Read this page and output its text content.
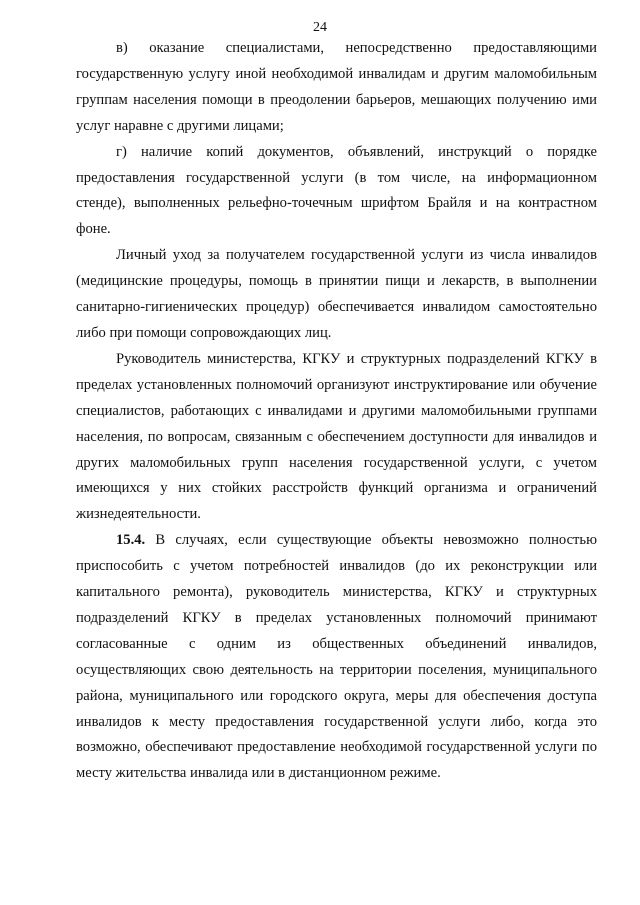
24

в) оказание специалистами, непосредственно предоставляющими государственную услугу иной необходимой инвалидам и другим маломобильным группам населения помощи в преодолении барьеров, мешающих получению ими услуг наравне с другими лицами;

г) наличие копий документов, объявлений, инструкций о порядке предоставления государственной услуги (в том числе, на информационном стенде), выполненных рельефно-точечным шрифтом Брайля и на контрастном фоне.

Личный уход за получателем государственной услуги из числа инвалидов (медицинские процедуры, помощь в принятии пищи и лекарств, в выполнении санитарно-гигиенических процедур) обеспечивается инвалидом самостоятельно либо при помощи сопровождающих лиц.

Руководитель министерства, КГКУ и структурных подразделений КГКУ в пределах установленных полномочий организуют инструктирование или обучение специалистов, работающих с инвалидами и другими маломобильными группами населения, по вопросам, связанным с обеспечением доступности для инвалидов и других маломобильных групп населения государственной услуги, с учетом имеющихся у них стойких расстройств функций организма и ограничений жизнедеятельности.

15.4. В случаях, если существующие объекты невозможно полностью приспособить с учетом потребностей инвалидов (до их реконструкции или капитального ремонта), руководитель министерства, КГКУ и структурных подразделений КГКУ в пределах установленных полномочий принимают согласованные с одним из общественных объединений инвалидов, осуществляющих свою деятельность на территории поселения, муниципального района, муниципального или городского округа, меры для обеспечения доступа инвалидов к месту предоставления государственной услуги либо, когда это возможно, обеспечивают предоставление необходимой государственной услуги по месту жительства инвалида или в дистанционном режиме.
